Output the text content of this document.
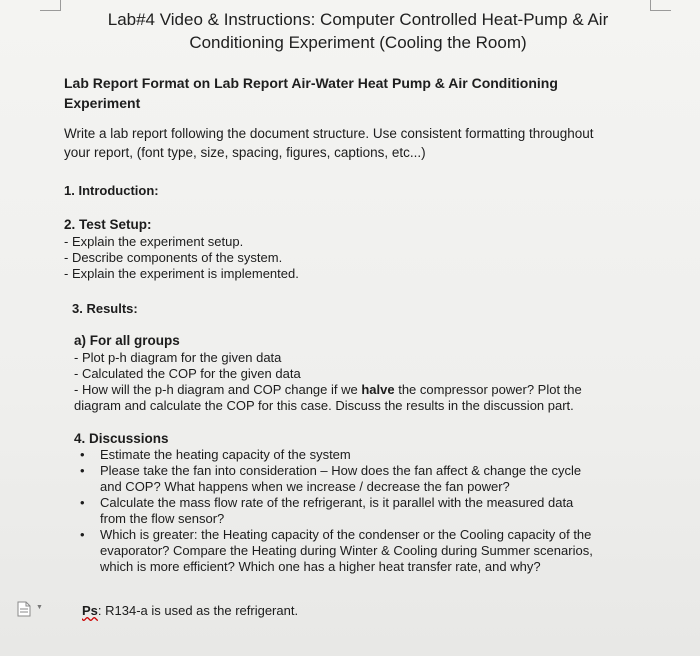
Lab#4 Video & Instructions: Computer Controlled Heat-Pump & Air
Conditioning Experiment (Cooling the Room)
Lab Report Format on Lab Report Air-Water Heat Pump & Air Conditioning
Experiment
Write a lab report following the document structure. Use consistent formatting throughout
your report, (font type, size, spacing, figures, captions, etc...)
1. Introduction:
2. Test Setup:
- Explain the experiment setup.
- Describe components of the system.
- Explain the experiment is implemented.
3. Results:
a) For all groups
- Plot p-h diagram for the given data
- Calculated the COP for the given data
- How will the p-h diagram and COP change if we halve the compressor power? Plot the
diagram and calculate the COP for this case. Discuss the results in the discussion part.
4. Discussions
• Estimate the heating capacity of the system
• Please take the fan into consideration – How does the fan affect & change the cycle
and COP? What happens when we increase / decrease the fan power?
• Calculate the mass flow rate of the refrigerant, is it parallel with the measured data
from the flow sensor?
• Which is greater: the Heating capacity of the condenser or the Cooling capacity of the
evaporator? Compare the Heating during Winter & Cooling during Summer scenarios,
which is more efficient? Which one has a higher heat transfer rate, and why?
▼	Ps: R134-a is used as the refrigerant.
